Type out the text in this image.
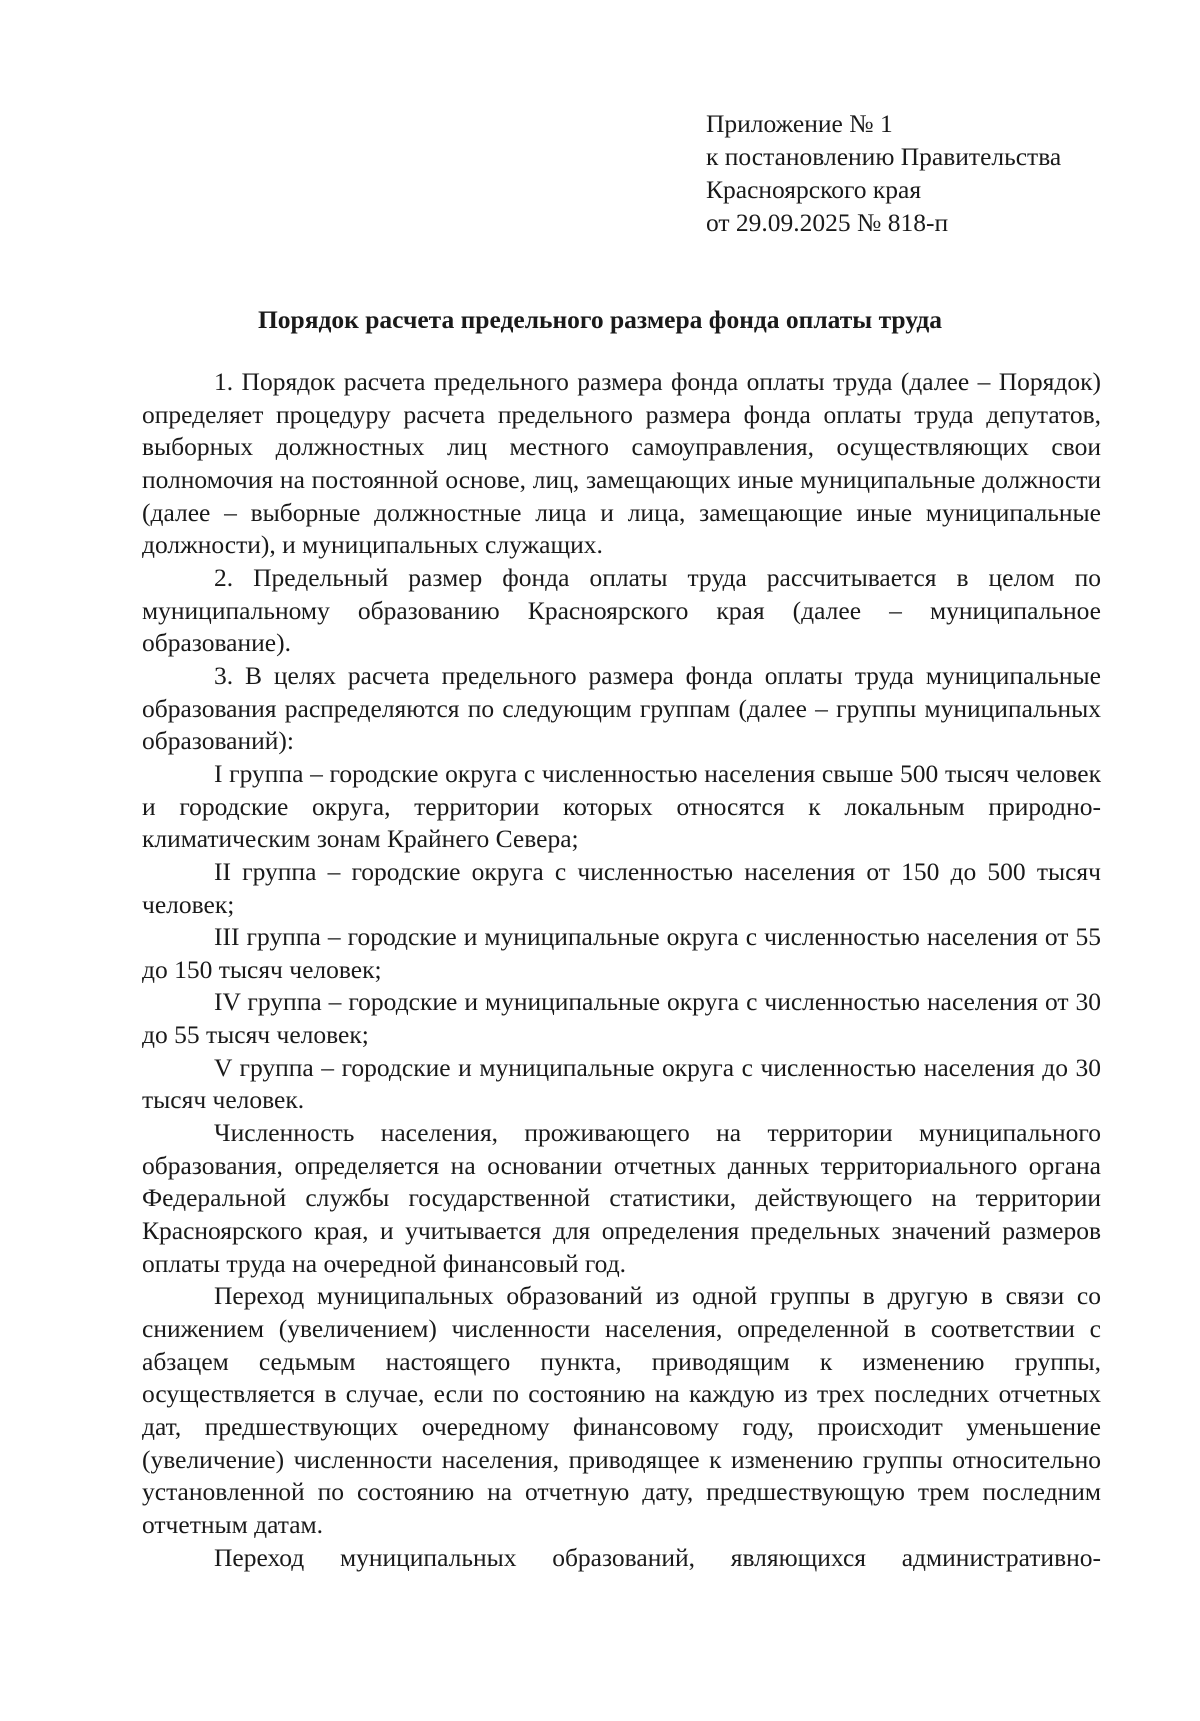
Приложение № 1
к постановлению Правительства
Красноярского края
от 29.09.2025 № 818-п
Порядок расчета предельного размера фонда оплаты труда

1. Порядок расчета предельного размера фонда оплаты труда (далее – Порядок) определяет процедуру расчета предельного размера фонда оплаты труда депутатов, выборных должностных лиц местного самоуправления, осуществляющих свои полномочия на постоянной основе, лиц, замещающих иные муниципальные должности (далее – выборные должностные лица и лица, замещающие иные муниципальные должности), и муниципальных служащих.

2. Предельный размер фонда оплаты труда рассчитывается в целом по муниципальному образованию Красноярского края (далее – муниципальное образование).

3. В целях расчета предельного размера фонда оплаты труда муниципальные образования распределяются по следующим группам (далее – группы муниципальных образований):

I группа – городские округа с численностью населения свыше 500 тысяч человек и городские округа, территории которых относятся к локальным природно-климатическим зонам Крайнего Севера;

II группа – городские округа с численностью населения от 150 до 500 тысяч человек;

III группа – городские и муниципальные округа с численностью населения от 55 до 150 тысяч человек;

IV группа – городские и муниципальные округа с численностью населения от 30 до 55 тысяч человек;

V группа – городские и муниципальные округа с численностью населения до 30 тысяч человек.

Численность населения, проживающего на территории муниципального образования, определяется на основании отчетных данных территориального органа Федеральной службы государственной статистики, действующего на территории Красноярского края, и учитывается для определения предельных значений размеров оплаты труда на очередной финансовый год.

Переход муниципальных образований из одной группы в другую в связи со снижением (увеличением) численности населения, определенной в соответствии с абзацем седьмым настоящего пункта, приводящим к изменению группы, осуществляется в случае, если по состоянию на каждую из трех последних отчетных дат, предшествующих очередному финансовому году, происходит уменьшение (увеличение) численности населения, приводящее к изменению группы относительно установленной по состоянию на отчетную дату, предшествующую трем последним отчетным датам.

Переход муниципальных образований, являющихся административно-
